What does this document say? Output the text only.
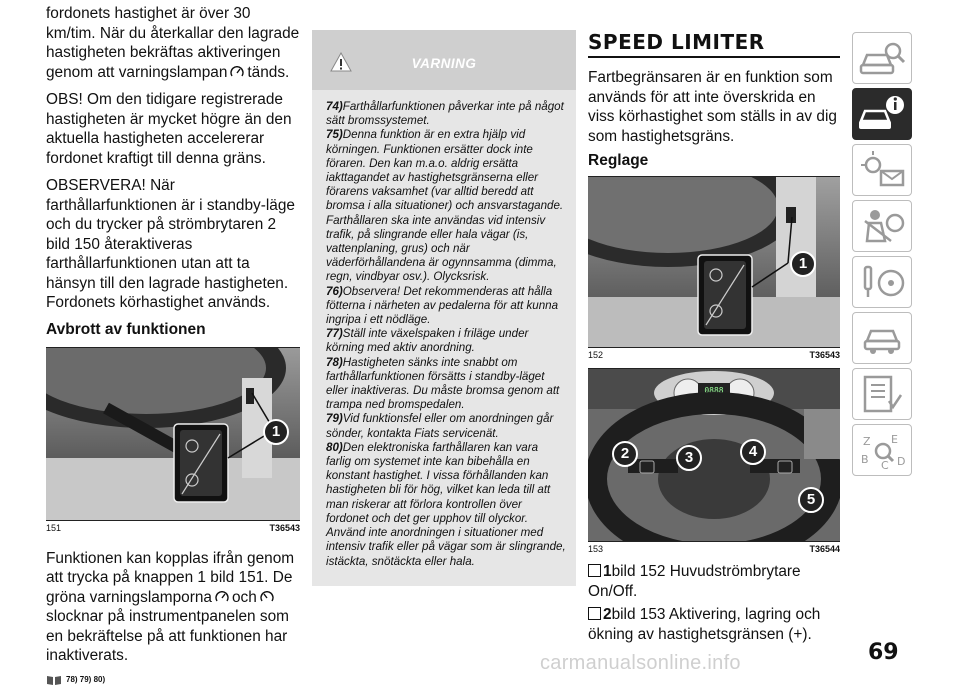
fordonets hastighet är över 30 km/tim. När du återkallar den lagrade hastigheten bekräftas aktiveringen genom att varningslampan tänds.

OBS! Om den tidigare registrerade hastigheten är mycket högre än den aktuella hastigheten accelererar fordonet kraftigt till denna gräns.

OBSERVERA! När farthållarfunktionen är i standby-läge och du trycker på strömbrytaren 2 bild 150 återaktiveras farthållarfunktionen utan att ta hänsyn till den lagrade hastigheten. Fordonets körhastighet används.

Avbrott av funktionen
1
151	T36543

Funktionen kan kopplas ifrån genom att trycka på knappen 1 bild 151. De gröna varningslamporna ochslocknar på instrumentpanelen som en bekräftelse på att funktionen har inaktiverats.

78) 79) 80)
VARNING
74)Farthållarfunktionen påverkar inte på något sätt bromssystemet.
75)Denna funktion är en extra hjälp vid körningen. Funktionen ersätter dock inte föraren. Den kan m.a.o. aldrig ersätta iakttagandet av hastighetsgränserna eller förarens vaksamhet (var alltid beredd att bromsa i alla situationer) och ansvarstagande. Farthållaren ska inte användas vid intensiv trafik, på slingrande eller hala vägar (is, vattenplaning, grus) och när väderförhållandena är ogynnsamma (dimma, regn, vindbyar osv.). Olycksrisk.
76)Observera! Det rekommenderas att hålla fötterna i närheten av pedalerna för att kunna ingripa i ett nödläge.
77)Ställ inte växelspaken i friläge under körning med aktiv anordning.
78)Hastigheten sänks inte snabbt om farthållarfunktionen försätts i standby-läget eller inaktiveras. Du måste bromsa genom att trampa ned bromspedalen.
79)Vid funktionsfel eller om anordningen går sönder, kontakta Fiats servicenät.
80)Den elektroniska farthållaren kan vara farlig om systemet inte kan bibehålla en konstant hastighet. I vissa förhållanden kan hastigheten bli för hög, vilket kan leda till att man riskerar att förlora kontrollen över fordonet och det ger upphov till olyckor. Använd inte anordningen i situationer med intensiv trafik eller på vägar som är slingrande, istäckta, snötäckta eller hala.
SPEED LIMITER

Fartbegränsaren är en funktion som används för att inte överskrida en viss körhastighet som ställs in av dig som hastighetsgräns.

Reglage
1
152	T36543
0888
2	3	4
5
153	T36544

1bild 152 Huvudströmbrytare On/Off.

2bild 153 Aktivering, lagring och ökning av hastighetsgränsen (+).

Z E
B C D
69
carmanualsonline.info
